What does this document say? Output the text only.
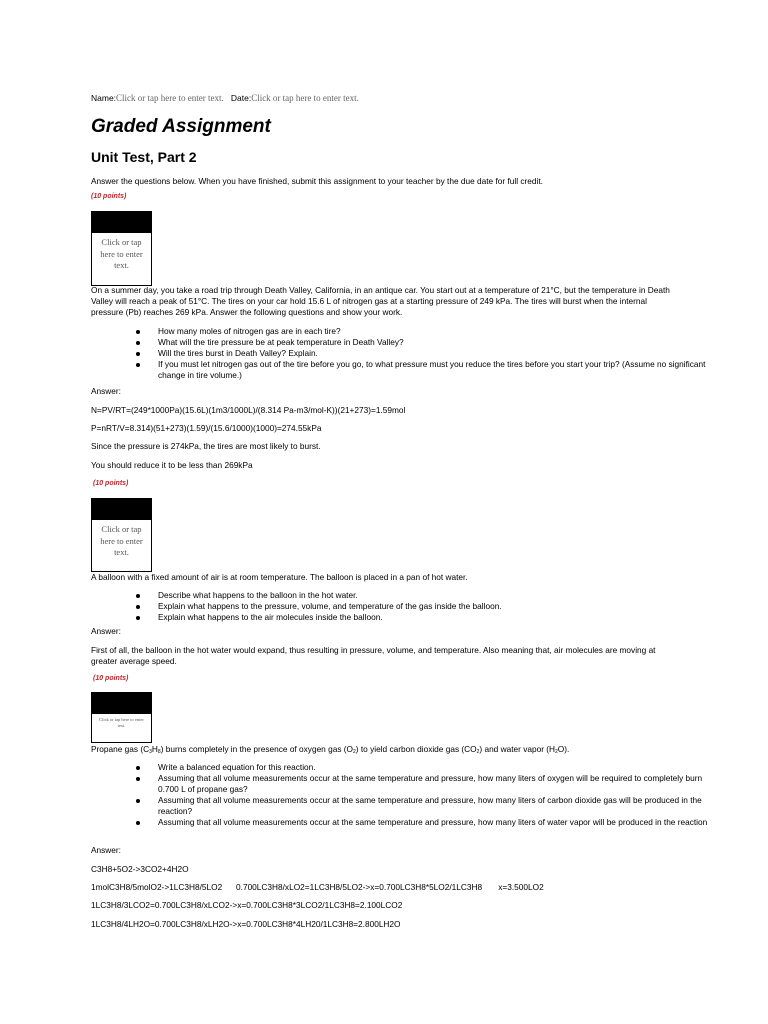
Name:Click or tap here to enter text. Date:Click or tap here to enter text.
Graded Assignment
Unit Test, Part 2
Answer the questions below. When you have finished, submit this assignment to your teacher by the due date for full credit.
(10 points)
Click or tap here to enter text.
On a summer day, you take a road trip through Death Valley, California, in an antique car. You start out at a temperature of 21°C, but the temperature in Death Valley will reach a peak of 51°C. The tires on your car hold 15.6 L of nitrogen gas at a starting pressure of 249 kPa. The tires will burst when the internal pressure (Pb) reaches 269 kPa. Answer the following questions and show your work.
How many moles of nitrogen gas are in each tire?
What will the tire pressure be at peak temperature in Death Valley?
Will the tires burst in Death Valley? Explain.
If you must let nitrogen gas out of the tire before you go, to what pressure must you reduce the tires before you start your trip? (Assume no significant change in tire volume.)
Answer:
N=PV/RT=(249*1000Pa)(15.6L)(1m3/1000L)/(8.314 Pa-m3/mol-K))(21+273)=1.59mol
P=nRT/V=8.314)(51+273)(1.59)/(15.6/1000)(1000)=274.55kPa
Since the pressure is 274kPa, the tires are most likely to burst.
You should reduce it to be less than 269kPa
(10 points)
Click or tap here to enter text.
A balloon with a fixed amount of air is at room temperature. The balloon is placed in a pan of hot water.
Describe what happens to the balloon in the hot water.
Explain what happens to the pressure, volume, and temperature of the gas inside the balloon.
Explain what happens to the air molecules inside the balloon.
Answer:
First of all, the balloon in the hot water would expand, thus resulting in pressure, volume, and temperature. Also meaning that, air molecules are moving at greater average speed.
(10 points)
Click or tap here to enter text.
Propane gas $(C_3H_8)$ burns completely in the presence of oxygen gas $(O_2)$ to yield carbon dioxide gas $(CO_2)$ and water vapor $(H_2O)$.
Write a balanced equation for this reaction.
Assuming that all volume measurements occur at the same temperature and pressure, how many liters of oxygen will be required to completely burn 0.700 L of propane gas?
Assuming that all volume measurements occur at the same temperature and pressure, how many liters of carbon dioxide gas will be produced in the reaction?
Assuming that all volume measurements occur at the same temperature and pressure, how many liters of water vapor will be produced in the reaction
Answer:
C3H8+5O2->3CO2+4H2O
1molC3H8/5molO2->1LC3H8/5LO2      0.700LC3H8/xLO2=1LC3H8/5LO2->x=0.700LC3H8*5LO2/1LC3H8       x=3.500LO2
1LC3H8/3LCO2=0.700LC3H8/xLCO2->x=0.700LC3H8*3LCO2/1LC3H8=2.100LCO2
1LC3H8/4LH2O=0.700LC3H8/xLH2O->x=0.700LC3H8*4LH20/1LC3H8=2.800LH2O
